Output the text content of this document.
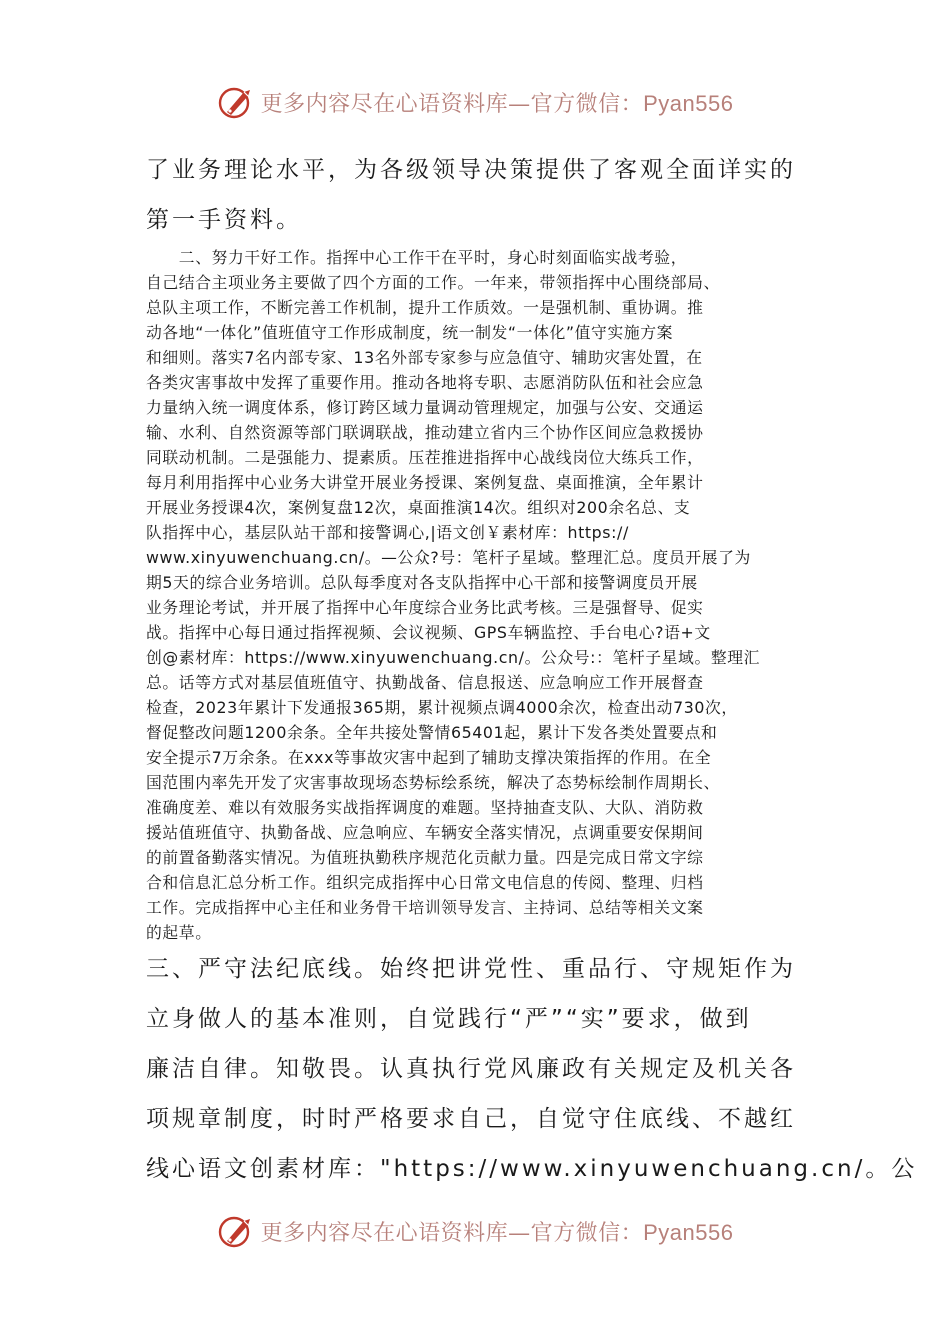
更多内容尽在心语资料库—官方微信：Pyan556
了业务理论水平，为各级领导决策提供了客观全面详实的
第一手资料。
　　二、努力干好工作。指挥中心工作干在平时，身心时刻面临实战考验，
自己结合主项业务主要做了四个方面的工作。一年来，带领指挥中心围绕部局、
总队主项工作，不断完善工作机制，提升工作质效。一是强机制、重协调。推
动各地“一体化”值班值守工作形成制度，统一制发“一体化”值守实施方案
和细则。落实7名内部专家、13名外部专家参与应急值守、辅助灾害处置，在
各类灾害事故中发挥了重要作用。推动各地将专职、志愿消防队伍和社会应急
力量纳入统一调度体系，修订跨区域力量调动管理规定，加强与公安、交通运
输、水利、自然资源等部门联调联战，推动建立省内三个协作区间应急救援协
同联动机制。二是强能力、提素质。压茬推进指挥中心战线岗位大练兵工作，
每月利用指挥中心业务大讲堂开展业务授课、案例复盘、桌面推演，全年累计
开展业务授课4次，案例复盘12次，桌面推演14次。组织对200余名总、支
队指挥中心，基层队站干部和接警调心,|语文创￥素材库：https://
www.xinyuwenchuang.cn/。—公众?号：笔杆子星域。整理汇总。度员开展了为
期5天的综合业务培训。总队每季度对各支队指挥中心干部和接警调度员开展
业务理论考试，并开展了指挥中心年度综合业务比武考核。三是强督导、促实
战。指挥中心每日通过指挥视频、会议视频、GPS车辆监控、手台电心?语+文
创@素材库：https://www.xinyuwenchuang.cn/。公众号:：笔杆子星域。整理汇
总。话等方式对基层值班值守、执勤战备、信息报送、应急响应工作开展督查
检查，2023年累计下发通报365期，累计视频点调4000余次，检查出动730次，
督促整改问题1200余条。全年共接处警情65401起，累计下发各类处置要点和
安全提示7万余条。在xxx等事故灾害中起到了辅助支撑决策指挥的作用。在全
国范围内率先开发了灾害事故现场态势标绘系统，解决了态势标绘制作周期长、
准确度差、难以有效服务实战指挥调度的难题。坚持抽查支队、大队、消防救
援站值班值守、执勤备战、应急响应、车辆安全落实情况，点调重要安保期间
的前置备勤落实情况。为值班执勤秩序规范化贡献力量。四是完成日常文字综
合和信息汇总分析工作。组织完成指挥中心日常文电信息的传阅、整理、归档
工作。完成指挥中心主任和业务骨干培训领导发言、主持词、总结等相关文案
的起草。
三、严守法纪底线。始终把讲党性、重品行、守规矩作为
立身做人的基本准则，自觉践行“严”“实”要求，做到
廉洁自律。知敬畏。认真执行党风廉政有关规定及机关各
项规章制度，时时严格要求自己，自觉守住底线、不越红
线心语文创素材库："https://www.xinyuwenchuang.cn/。公
更多内容尽在心语资料库—官方微信：Pyan556
